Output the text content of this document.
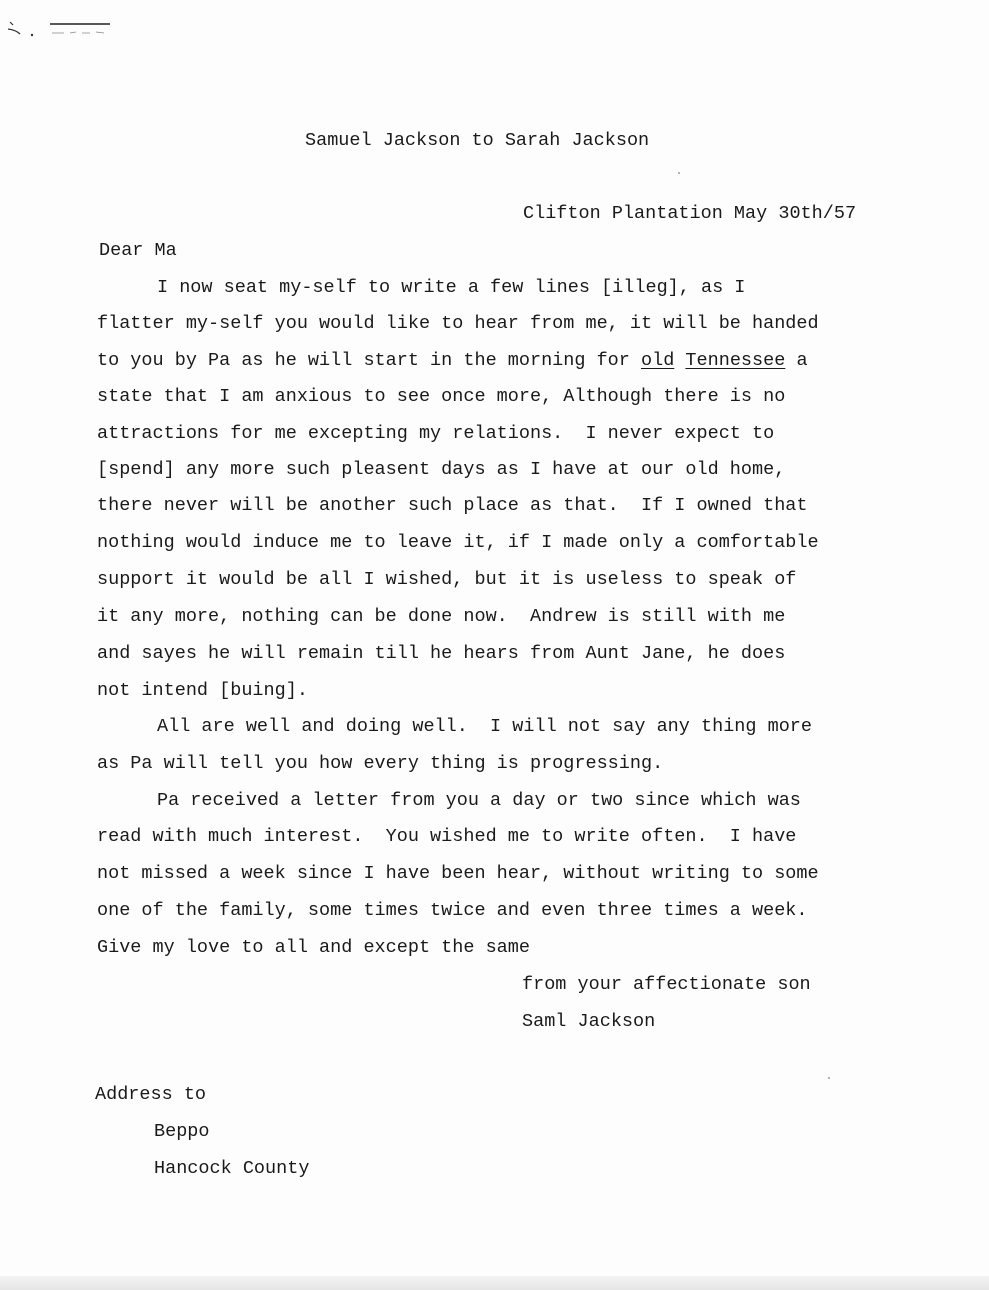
Samuel Jackson to Sarah Jackson
Clifton Plantation May 30th/57
Dear Ma
I now seat my-self to write a few lines [illeg], as I
flatter my-self you would like to hear from me, it will be handed
to you by Pa as he will start in the morning for old Tennessee a
state that I am anxious to see once more, Although there is no
attractions for me excepting my relations.  I never expect to
[spend] any more such pleasent days as I have at our old home,
there never will be another such place as that.  If I owned that
nothing would induce me to leave it, if I made only a comfortable
support it would be all I wished, but it is useless to speak of
it any more, nothing can be done now.  Andrew is still with me
and sayes he will remain till he hears from Aunt Jane, he does
not intend [buing].
All are well and doing well.  I will not say any thing more
as Pa will tell you how every thing is progressing.
Pa received a letter from you a day or two since which was
read with much interest.  You wished me to write often.  I have
not missed a week since I have been hear, without writing to some
one of the family, some times twice and even three times a week.
Give my love to all and except the same
from your affectionate son
Saml Jackson
Address to
Beppo
Hancock County
